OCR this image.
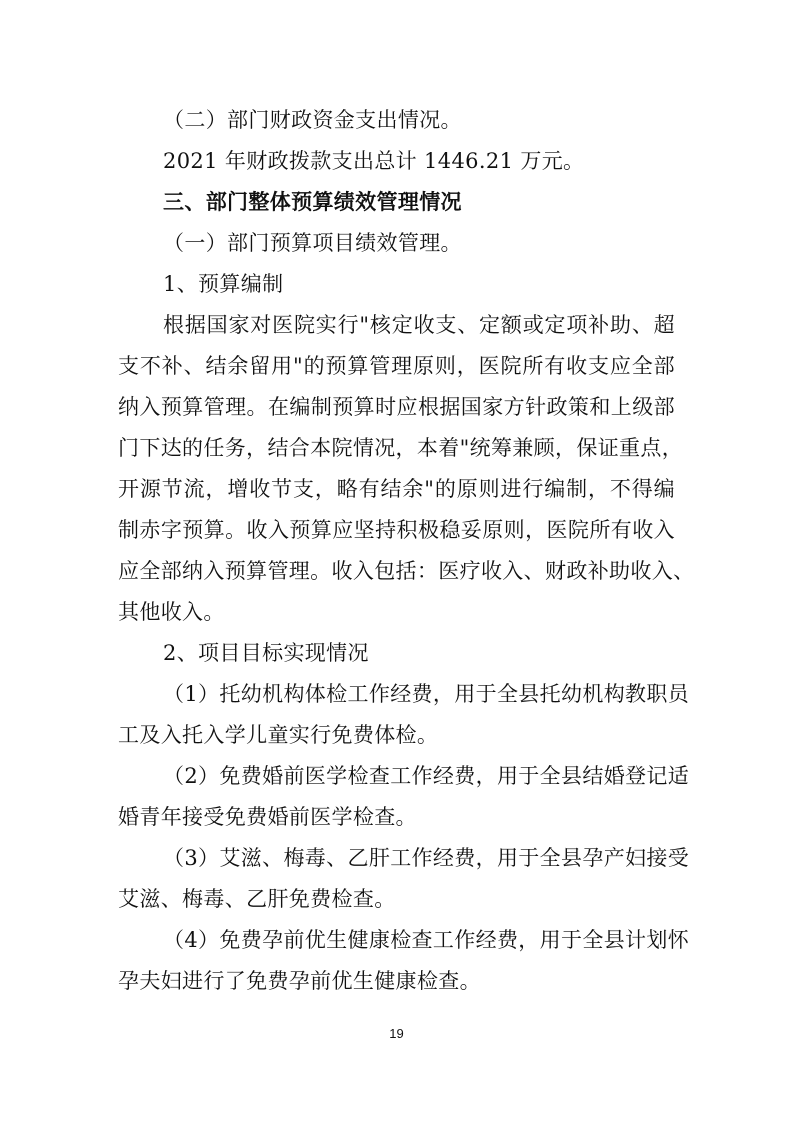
（二）部门财政资金支出情况。
2021 年财政拨款支出总计 1446.21 万元。
三、部门整体预算绩效管理情况
（一）部门预算项目绩效管理。
1、预算编制
根据国家对医院实行"核定收支、定额或定项补助、超
支不补、结余留用"的预算管理原则，医院所有收支应全部
纳入预算管理。在编制预算时应根据国家方针政策和上级部
门下达的任务，结合本院情况，本着"统筹兼顾，保证重点，
开源节流，增收节支，略有结余"的原则进行编制，不得编
制赤字预算。收入预算应坚持积极稳妥原则，医院所有收入
应全部纳入预算管理。收入包括：医疗收入、财政补助收入、
其他收入。
2、项目目标实现情况
（1）托幼机构体检工作经费，用于全县托幼机构教职员
工及入托入学儿童实行免费体检。
（2）免费婚前医学检查工作经费，用于全县结婚登记适
婚青年接受免费婚前医学检查。
（3）艾滋、梅毒、乙肝工作经费，用于全县孕产妇接受
艾滋、梅毒、乙肝免费检查。
（4）免费孕前优生健康检查工作经费，用于全县计划怀
孕夫妇进行了免费孕前优生健康检查。
19
